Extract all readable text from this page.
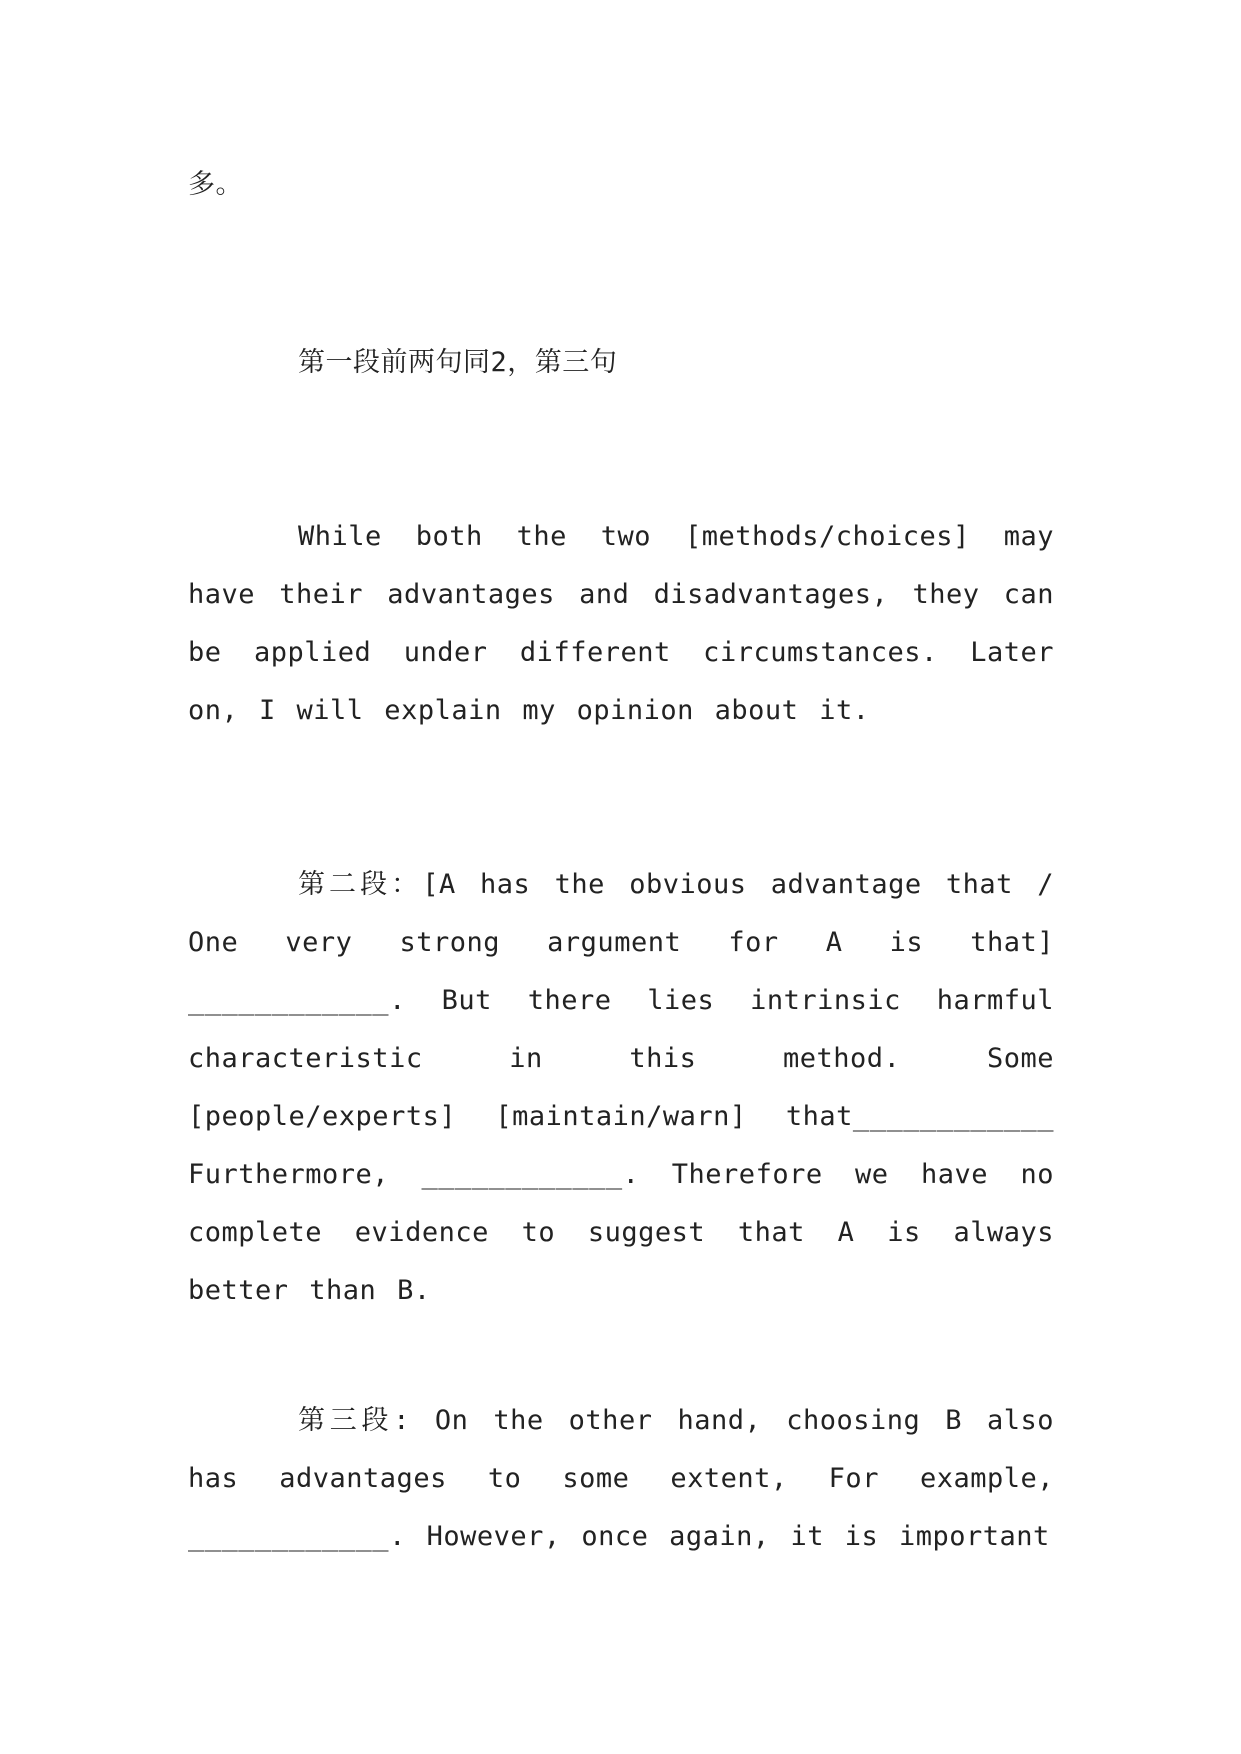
多。

第一段前两句同2，第三句

While both the two [methods/choices] may have their advantages and disadvantages, they can be applied under different circumstances. Later on, I will explain my opinion about it.

第二段：[A has the obvious advantage that / One very strong argument for A is that] ____________. But there lies intrinsic harmful characteristic in this method. Some [people/experts] [maintain/warn] that____________ Furthermore, ____________. Therefore we have no complete evidence to suggest that A is always better than B.

第三段: On the other hand, choosing B also has advantages to some extent, For example, ____________. However, once again, it is important
